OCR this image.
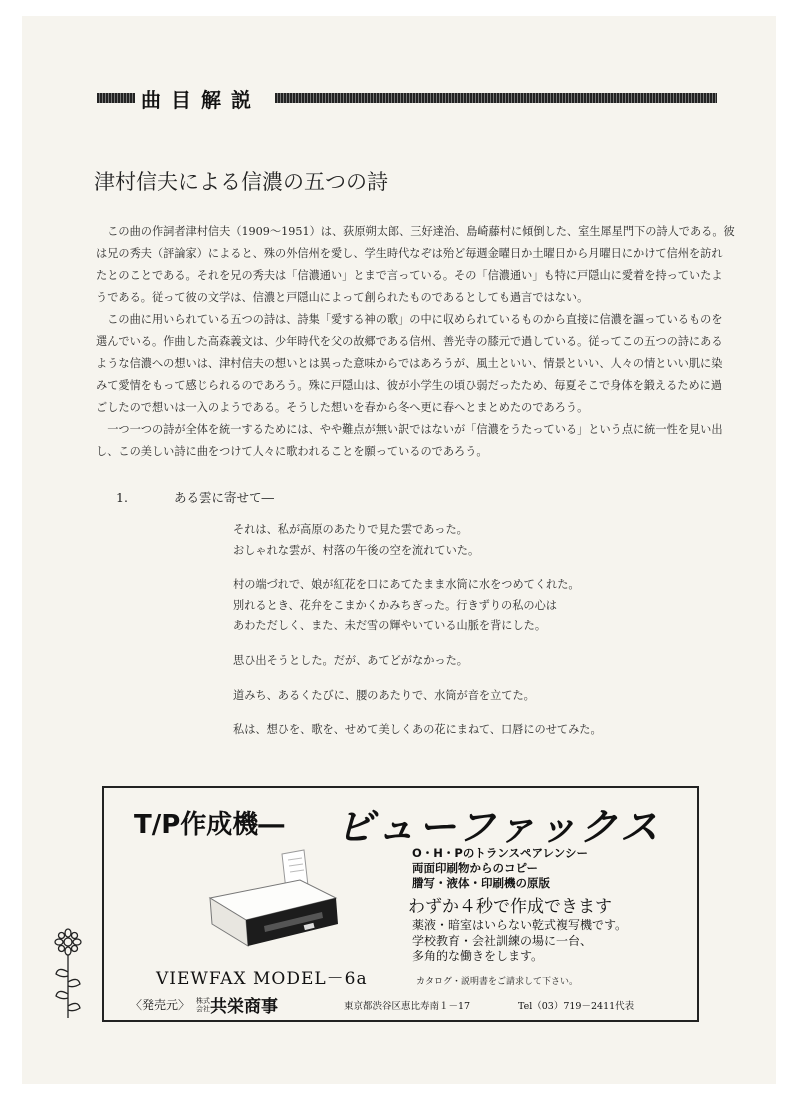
曲目解説
津村信夫による信濃の五つの詩
　この曲の作詞者津村信夫（1909～1951）は、荻原朔太郎、三好達治、島崎藤村に傾倒した、室生犀星門下の詩人である。彼
は兄の秀夫（評論家）によると、殊の外信州を愛し、学生時代なぞは殆ど毎週金曜日か土曜日から月曜日にかけて信州を訪れ
たとのことである。それを兄の秀夫は「信濃通い」とまで言っている。その「信濃通い」も特に戸隠山に愛着を持っていたよ
うである。従って彼の文学は、信濃と戸隠山によって創られたものであるとしても過言ではない。
　この曲に用いられている五つの詩は、詩集「愛する神の歌」の中に収められているものから直接に信濃を謳っているものを
選んでいる。作曲した高森義文は、少年時代を父の故郷である信州、善光寺の膝元で過している。従ってこの五つの詩にある
ような信濃への想いは、津村信夫の想いとは異った意味からではあろうが、風土といい、情景といい、人々の情といい肌に染
みて愛情をもって感じられるのであろう。殊に戸隠山は、彼が小学生の頃ひ弱だったため、毎夏そこで身体を鍛えるために過
ごしたので想いは一入のようである。そうした想いを春から冬へ更に春へとまとめたのであろう。
　一つ一つの詩が全体を統一するためには、やや難点が無い訳ではないが「信濃をうたっている」という点に統一性を見い出
し、この美しい詩に曲をつけて人々に歌われることを願っているのであろう。
1.	ある雲に寄せて―
それは、私が高原のあたりで見た雲であった。
おしゃれな雲が、村落の午後の空を流れていた。
村の端づれで、娘が紅花を口にあてたまま水筒に水をつめてくれた。
別れるとき、花弁をこまかくかみちぎった。行きずりの私の心は
あわただしく、また、未だ雪の輝やいている山脈を背にした。
思ひ出そうとした。だが、あてどがなかった。
道みち、あるくたびに、腰のあたりで、水筒が音を立てた。
私は、想ひを、歌を、せめて美しくあの花にまねて、口唇にのせてみた。
T/P作成機― ビューファックス
O・H・Pのトランスペアレンシー
両面印刷物からのコピー
謄写・液体・印刷機の原版
わずか４秒で作成できます
薬液・暗室はいらない乾式複写機です。
学校教育・会社訓練の場に一台、
多角的な働きをします。
カタログ・説明書をご請求して下さい。
VIEWFAX MODEL－6a
〈発売元〉 株式
会社共栄商事	東京都渋谷区恵比寿南１－17	Tel（03）719－2411代表
